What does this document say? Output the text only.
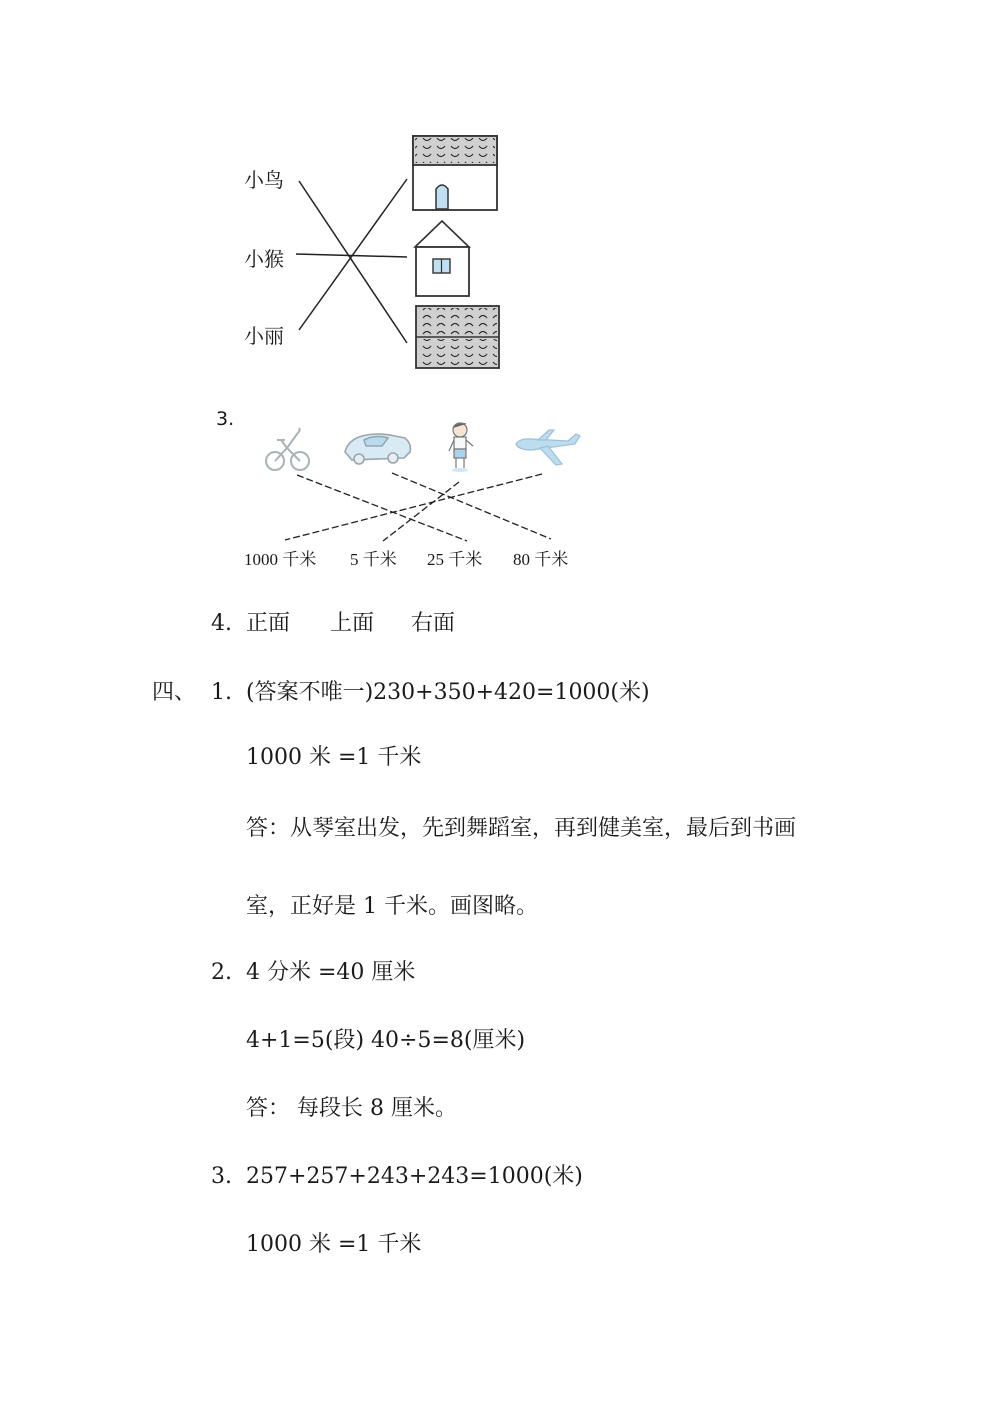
小鸟
小猴
小丽
3.
1000 千米 5 千米 25 千米 80 千米
4. 正面 上面 右面
四、 1. (答案不唯一)230+350+420=1000(米)
1000 米 =1 千米
答：从琴室出发，先到舞蹈室，再到健美室，最后到书画
室，正好是 1 千米。画图略。
2. 4 分米 =40 厘米
4+1=5(段) 40÷5=8(厘米)
答： 每段长 8 厘米。
3. 257+257+243+243=1000(米)
1000 米 =1 千米
